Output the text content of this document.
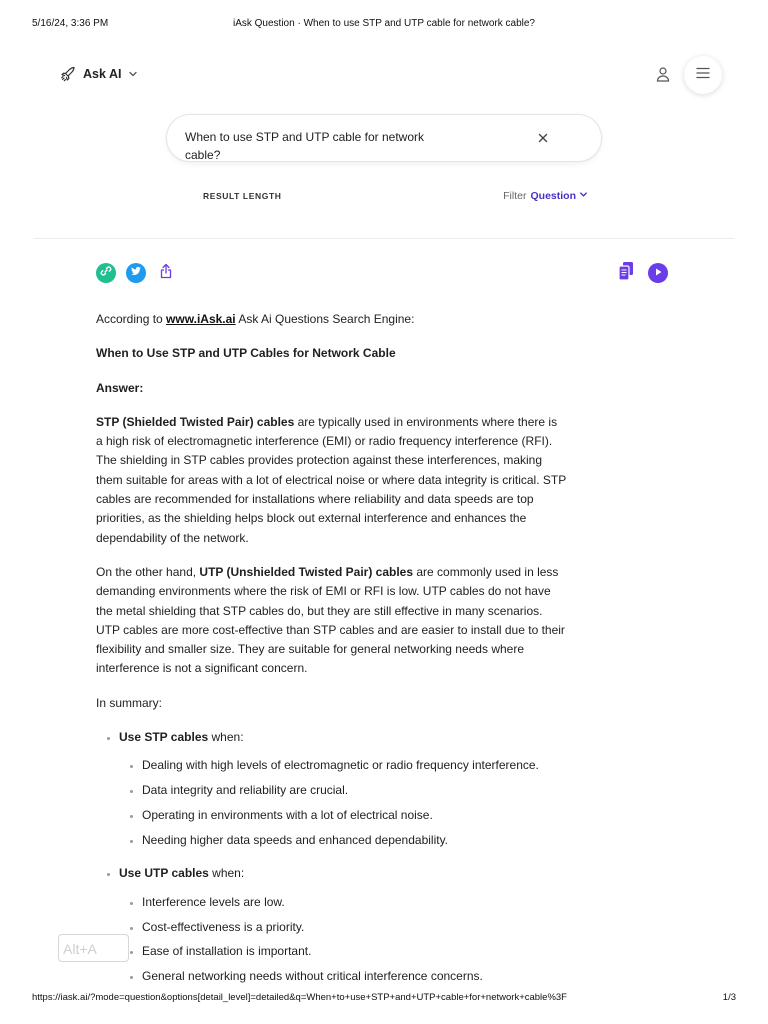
5/16/24, 3:36 PM	iAsk Question · When to use STP and UTP cable for network cable?
Ask AI
When to use STP and UTP cable for network cable?
RESULT LENGTH	Filter Question

According to www.iAsk.ai Ask Ai Questions Search Engine:

When to Use STP and UTP Cables for Network Cable

Answer:

STP (Shielded Twisted Pair) cables are typically used in environments where there is a high risk of electromagnetic interference (EMI) or radio frequency interference (RFI). The shielding in STP cables provides protection against these interferences, making them suitable for areas with a lot of electrical noise or where data integrity is critical. STP cables are recommended for installations where reliability and data speeds are top priorities, as the shielding helps block out external interference and enhances the dependability of the network.

On the other hand, UTP (Unshielded Twisted Pair) cables are commonly used in less demanding environments where the risk of EMI or RFI is low. UTP cables do not have the metal shielding that STP cables do, but they are still effective in many scenarios. UTP cables are more cost-effective than STP cables and are easier to install due to their flexibility and smaller size. They are suitable for general networking needs where interference is not a significant concern.

In summary:

• Use STP cables when:
• Dealing with high levels of electromagnetic or radio frequency interference.
• Data integrity and reliability are crucial.
• Operating in environments with a lot of electrical noise.
• Needing higher data speeds and enhanced dependability.
• Use UTP cables when:
• Interference levels are low.
• Cost-effectiveness is a priority.
• Ease of installation is important.
• General networking needs without critical interference concerns.
Alt+A
https://iask.ai/?mode=question&options[detail_level]=detailed&q=When+to+use+STP+and+UTP+cable+for+network+cable%3F	1/3
